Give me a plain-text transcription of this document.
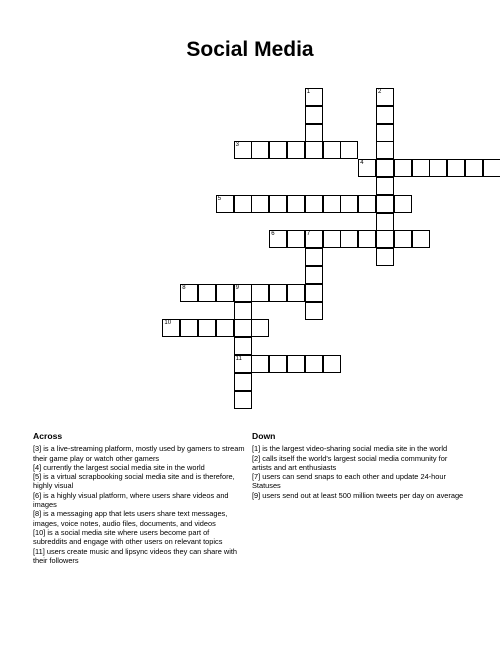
Social Media
1	2
3
4
5
6	7
8	9
11
10
Across
[3] is a live-streaming platform, mostly used by gamers to stream their game play or watch other gamers
[4] currently the largest social media site in the world
[5] is a virtual scrapbooking social media site and is therefore, highly visual
[6] is a highly visual platform, where users share videos and images
[8] is a messaging app that lets users share text messages, images, voice notes, audio files, documents, and videos
[10] is a social media site where users become part of subreddits and engage with other users on relevant topics
[11] users create music and lipsync videos they can share with their followers
Down
[1] is the largest video-sharing social media site in the world
[2] calls itself the world's largest social media community for artists and art enthusiasts
[7] users can send snaps to each other and update 24-hour Statuses
[9] users send out at least 500 million tweets per day on average
